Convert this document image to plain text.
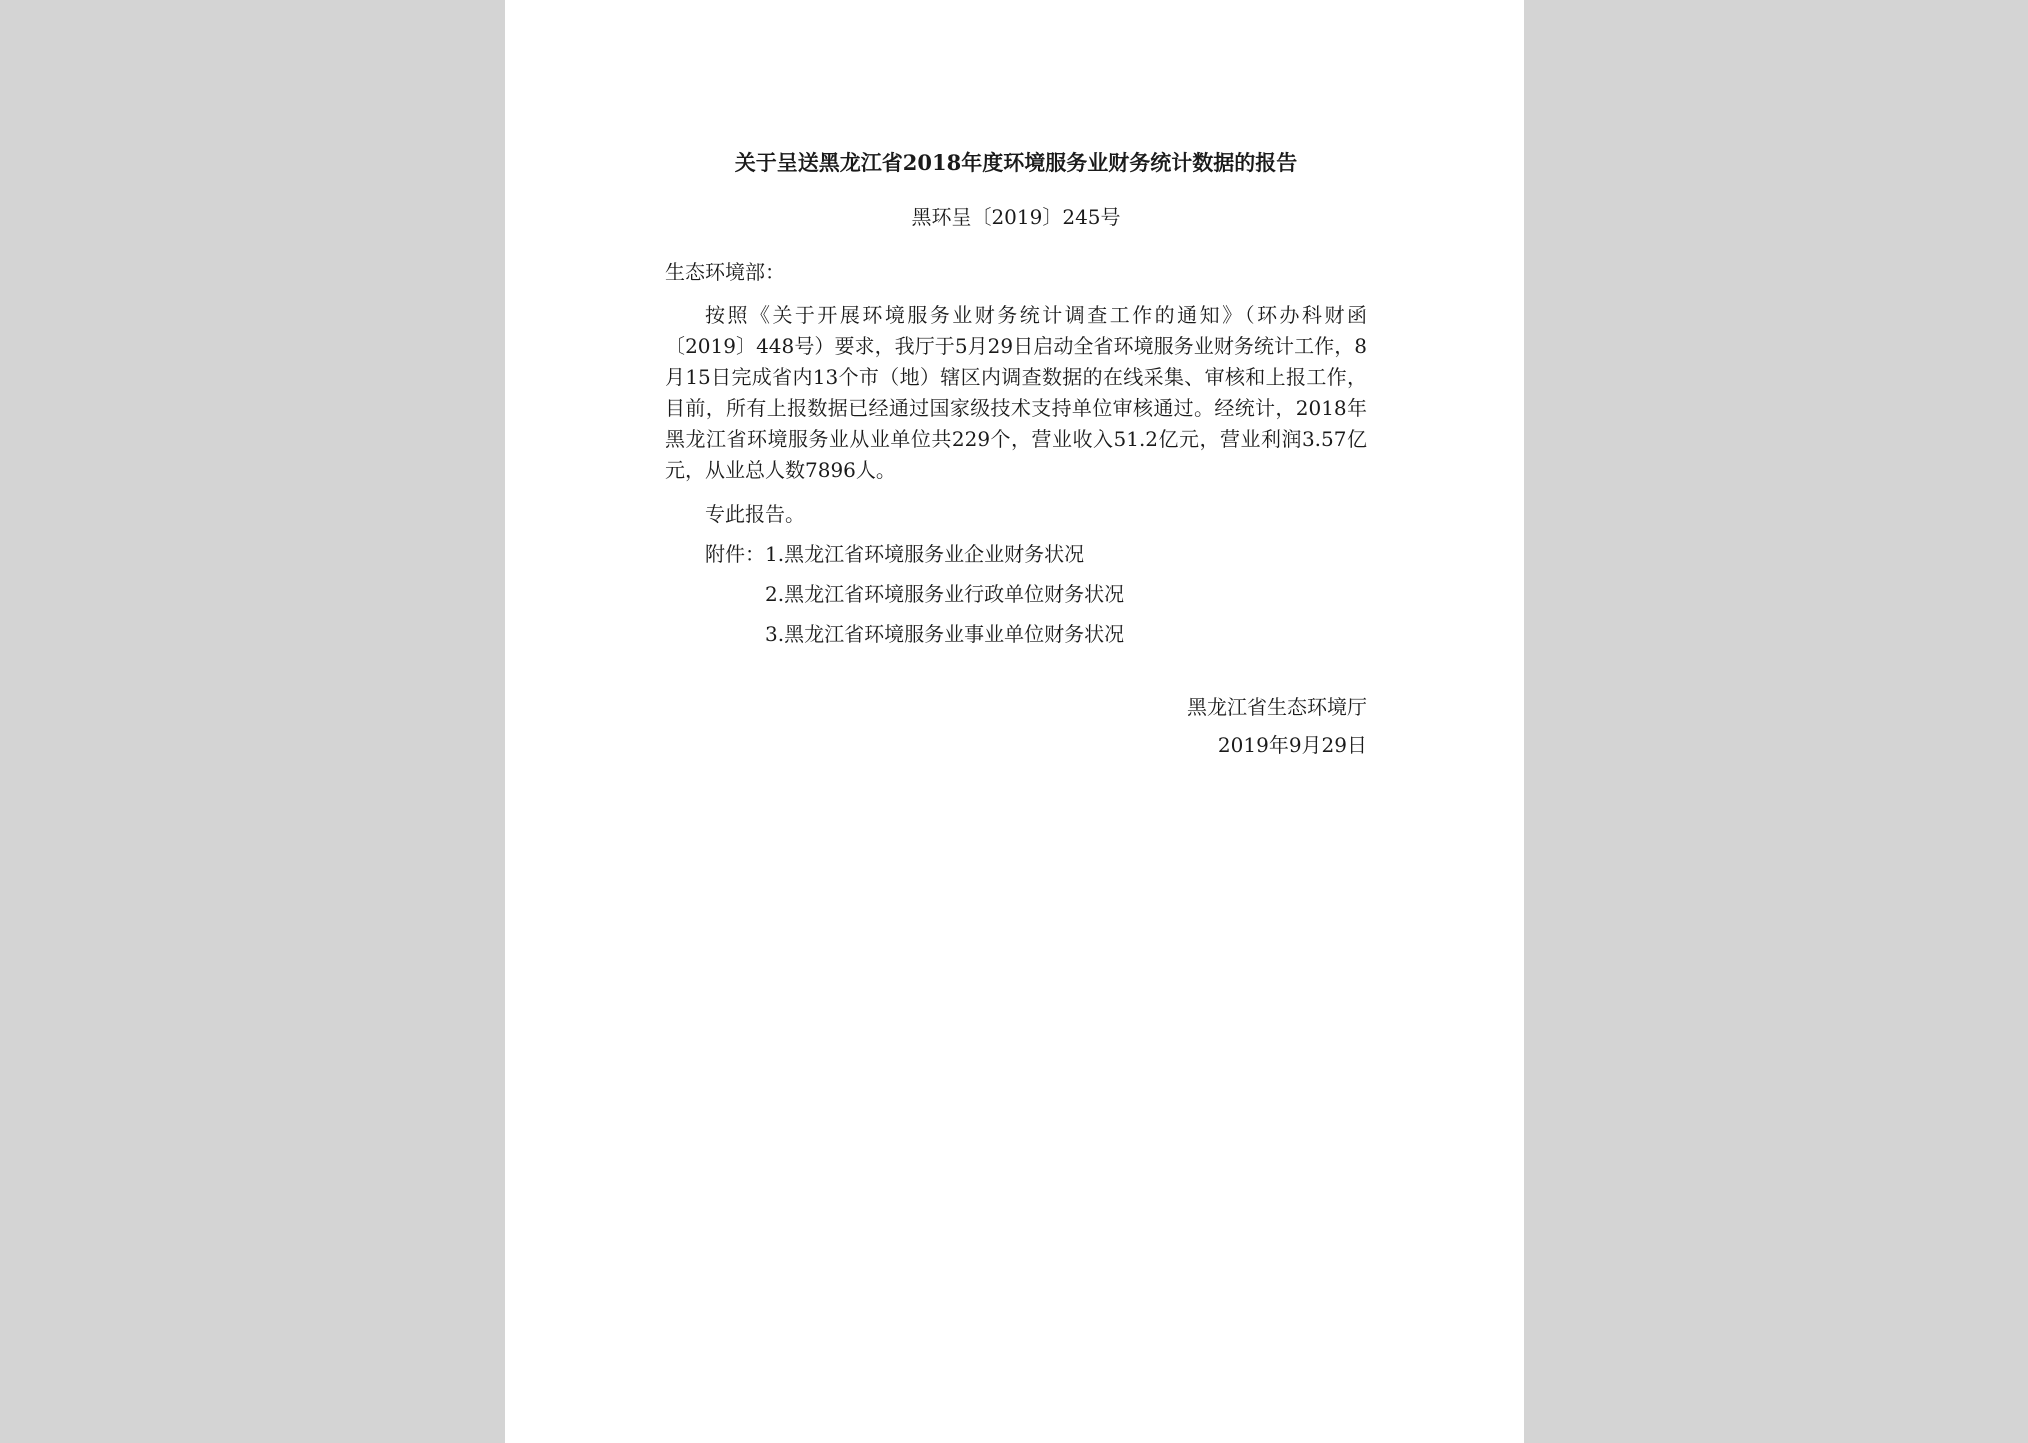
关于呈送黑龙江省2018年度环境服务业财务统计数据的报告
黑环呈〔2019〕245号
生态环境部：
按照《关于开展环境服务业财务统计调查工作的通知》（环办科财函〔2019〕448号）要求，我厅于5月29日启动全省环境服务业财务统计工作，8月15日完成省内13个市（地）辖区内调查数据的在线采集、审核和上报工作，目前，所有上报数据已经通过国家级技术支持单位审核通过。经统计，2018年黑龙江省环境服务业从业单位共229个，营业收入51.2亿元，营业利润3.57亿元，从业总人数7896人。
专此报告。
附件： 1.黑龙江省环境服务业企业财务状况
2.黑龙江省环境服务业行政单位财务状况
3.黑龙江省环境服务业事业单位财务状况
黑龙江省生态环境厅
2019年9月29日
